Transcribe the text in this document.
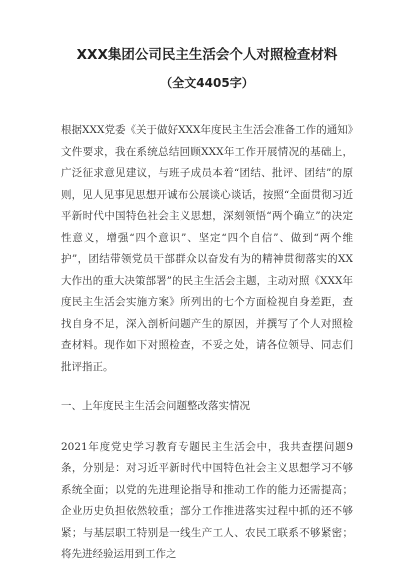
XXX集团公司民主生活会个人对照检查材料
（全文4405字）

根据XXX党委《关于做好XXX年度民主生活会准备工作的通知》文件要求，我在系统总结回顾XXX年工作开展情况的基础上，广泛征求意见建议，与班子成员本着“团结、批评、团结”的原则，见人见事见思想开诚布公展谈心谈话，按照“全面贯彻习近平新时代中国特色社会主义思想，深刻领悟“两个确立”的决定性意义，增强“四个意识”、坚定“四个自信”、做到“两个维护”，团结带领党员干部群众以奋发有为的精神贯彻落实的XX大作出的重大决策部署”的民主生活会主题，主动对照《XXX年度民主生活会实施方案》所列出的七个方面检视自身差距，查找自身不足，深入剖析问题产生的原因，并撰写了个人对照检查材料。现作如下对照检查，不妥之处，请各位领导、同志们批评指正。

一、上年度民主生活会问题整改落实情况

2021年度党史学习教育专题民主生活会中，我共查摆问题9条，分别是：对习近平新时代中国特色社会主义思想学习不够系统全面；以党的先进理论指导和推动工作的能力还需提高；企业历史负担依然较重；部分工作推进落实过程中抓的还不够紧；与基层职工特别是一线生产工人、农民工联系不够紧密；将先进经验运用到工作之
